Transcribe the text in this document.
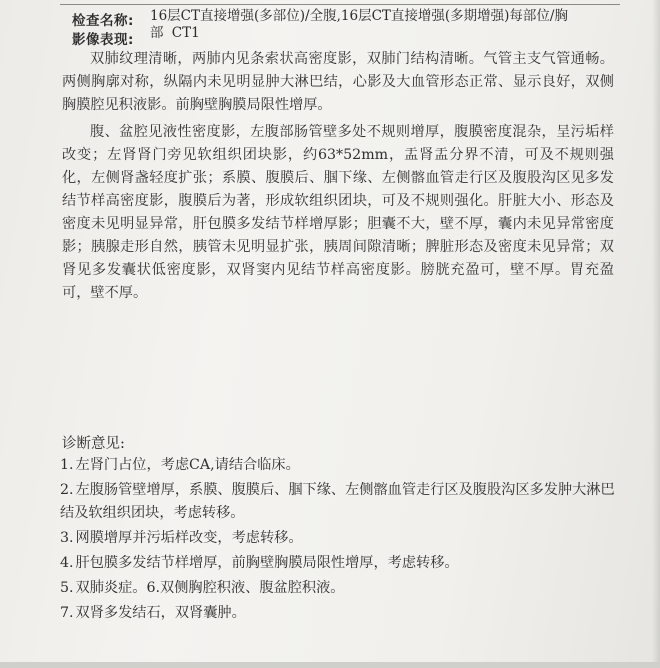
检查名称: 16层CT直接增强(多部位)/全腹,16层CT直接增强(多期增强)每部位/胸部 CT1
影像表现:

双肺纹理清晰，两肺内见条索状高密度影，双肺门结构清晰。气管主支气管通畅。两侧胸廓对称，纵隔内未见明显肿大淋巴结，心影及大血管形态正常、显示良好，双侧胸膜腔见积液影。前胸壁胸膜局限性增厚。

腹、盆腔见液性密度影，左腹部肠管壁多处不规则增厚，腹膜密度混杂，呈污垢样改变；左肾肾门旁见软组织团块影，约63*52mm，盂肾盂分界不清，可及不规则强化，左侧肾盏轻度扩张；系膜、腹膜后、腘下缘、左侧髂血管走行区及腹股沟区见多发结节样高密度影，腹膜后为著，形成软组织团块，可及不规则强化。肝脏大小、形态及密度未见明显异常，肝包膜多发结节样增厚影；胆囊不大，壁不厚，囊内未见异常密度影；胰腺走形自然，胰管未见明显扩张，胰周间隙清晰；脾脏形态及密度未见异常；双肾见多发囊状低密度影，双肾窦内见结节样高密度影。膀胱充盈可，壁不厚。胃充盈可，壁不厚。

诊断意见:
1. 左肾门占位，考虑CA,请结合临床。
2. 左腹肠管壁增厚，系膜、腹膜后、腘下缘、左侧髂血管走行区及腹股沟区多发肿大淋巴结及软组织团块，考虑转移。
3. 网膜增厚并污垢样改变，考虑转移。
4. 肝包膜多发结节样增厚，前胸壁胸膜局限性增厚，考虑转移。
5. 双肺炎症。6.双侧胸腔积液、腹盆腔积液。
7. 双肾多发结石，双肾囊肿。
